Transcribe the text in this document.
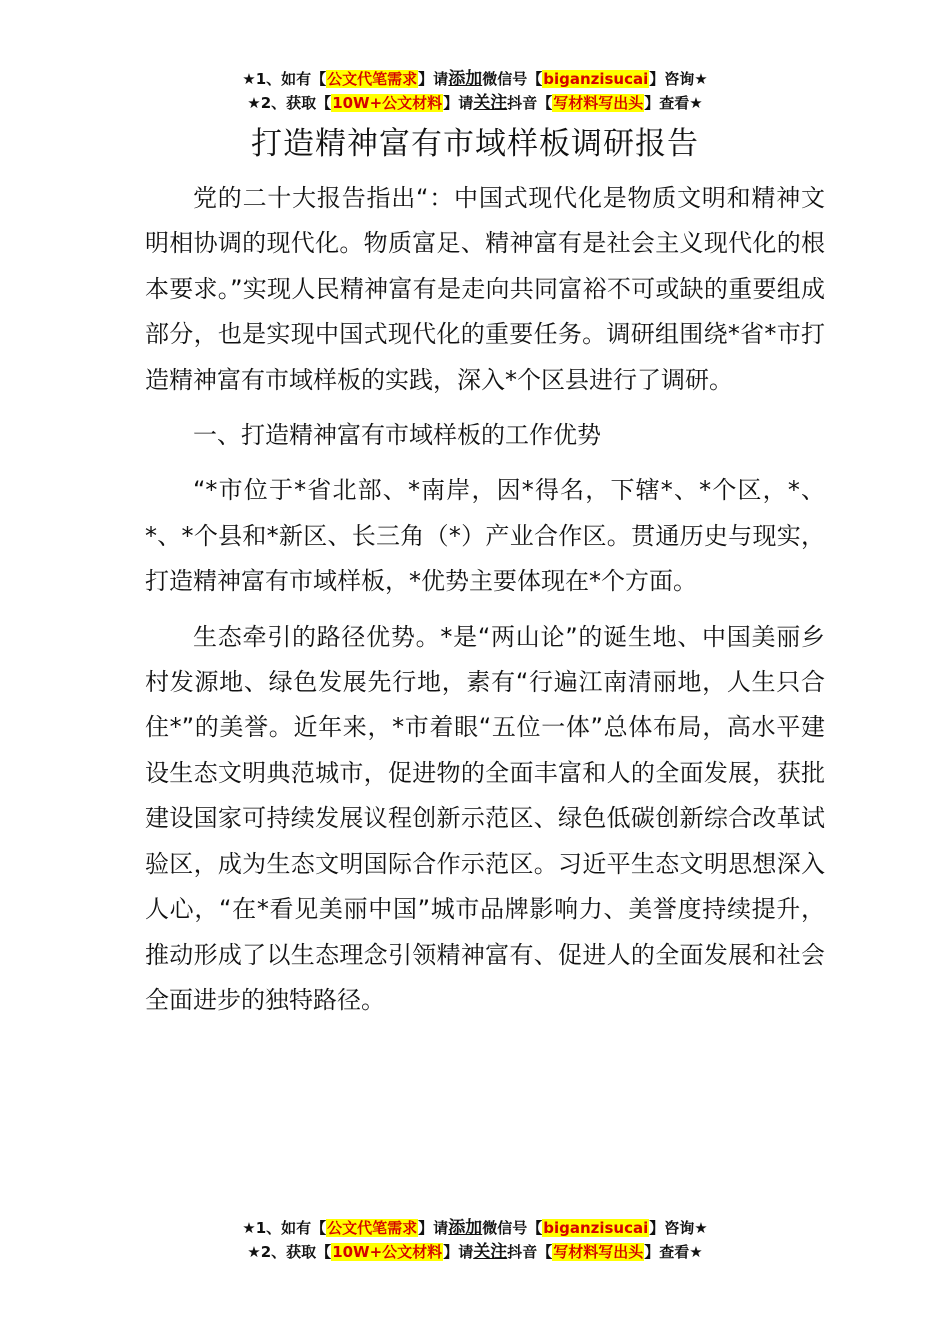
★1、如有【公文代笔需求】请添加微信号【biganzisucai】咨询★
★2、获取【10W+公文材料】请关注抖音【写材料写出头】查看★
打造精神富有市域样板调研报告

党的二十大报告指出“：中国式现代化是物质文明和精神文明相协调的现代化。物质富足、精神富有是社会主义现代化的根本要求。”实现人民精神富有是走向共同富裕不可或缺的重要组成部分，也是实现中国式现代化的重要任务。调研组围绕*省*市打造精神富有市域样板的实践，深入*个区县进行了调研。

一、打造精神富有市域样板的工作优势

“*市位于*省北部、*南岸，因*得名，下辖*、*个区，*、*、*个县和*新区、长三角（*）产业合作区。贯通历史与现实，打造精神富有市域样板，*优势主要体现在*个方面。

生态牵引的路径优势。*是“两山论”的诞生地、中国美丽乡村发源地、绿色发展先行地，素有“行遍江南清丽地，人生只合住*”的美誉。近年来，*市着眼“五位一体”总体布局，高水平建设生态文明典范城市，促进物的全面丰富和人的全面发展，获批建设国家可持续发展议程创新示范区、绿色低碳创新综合改革试验区，成为生态文明国际合作示范区。习近平生态文明思想深入人心，“在*看见美丽中国”城市品牌影响力、美誉度持续提升，推动形成了以生态理念引领精神富有、促进人的全面发展和社会全面进步的独特路径。

★1、如有【公文代笔需求】请添加微信号【biganzisucai】咨询★
★2、获取【10W+公文材料】请关注抖音【写材料写出头】查看★
